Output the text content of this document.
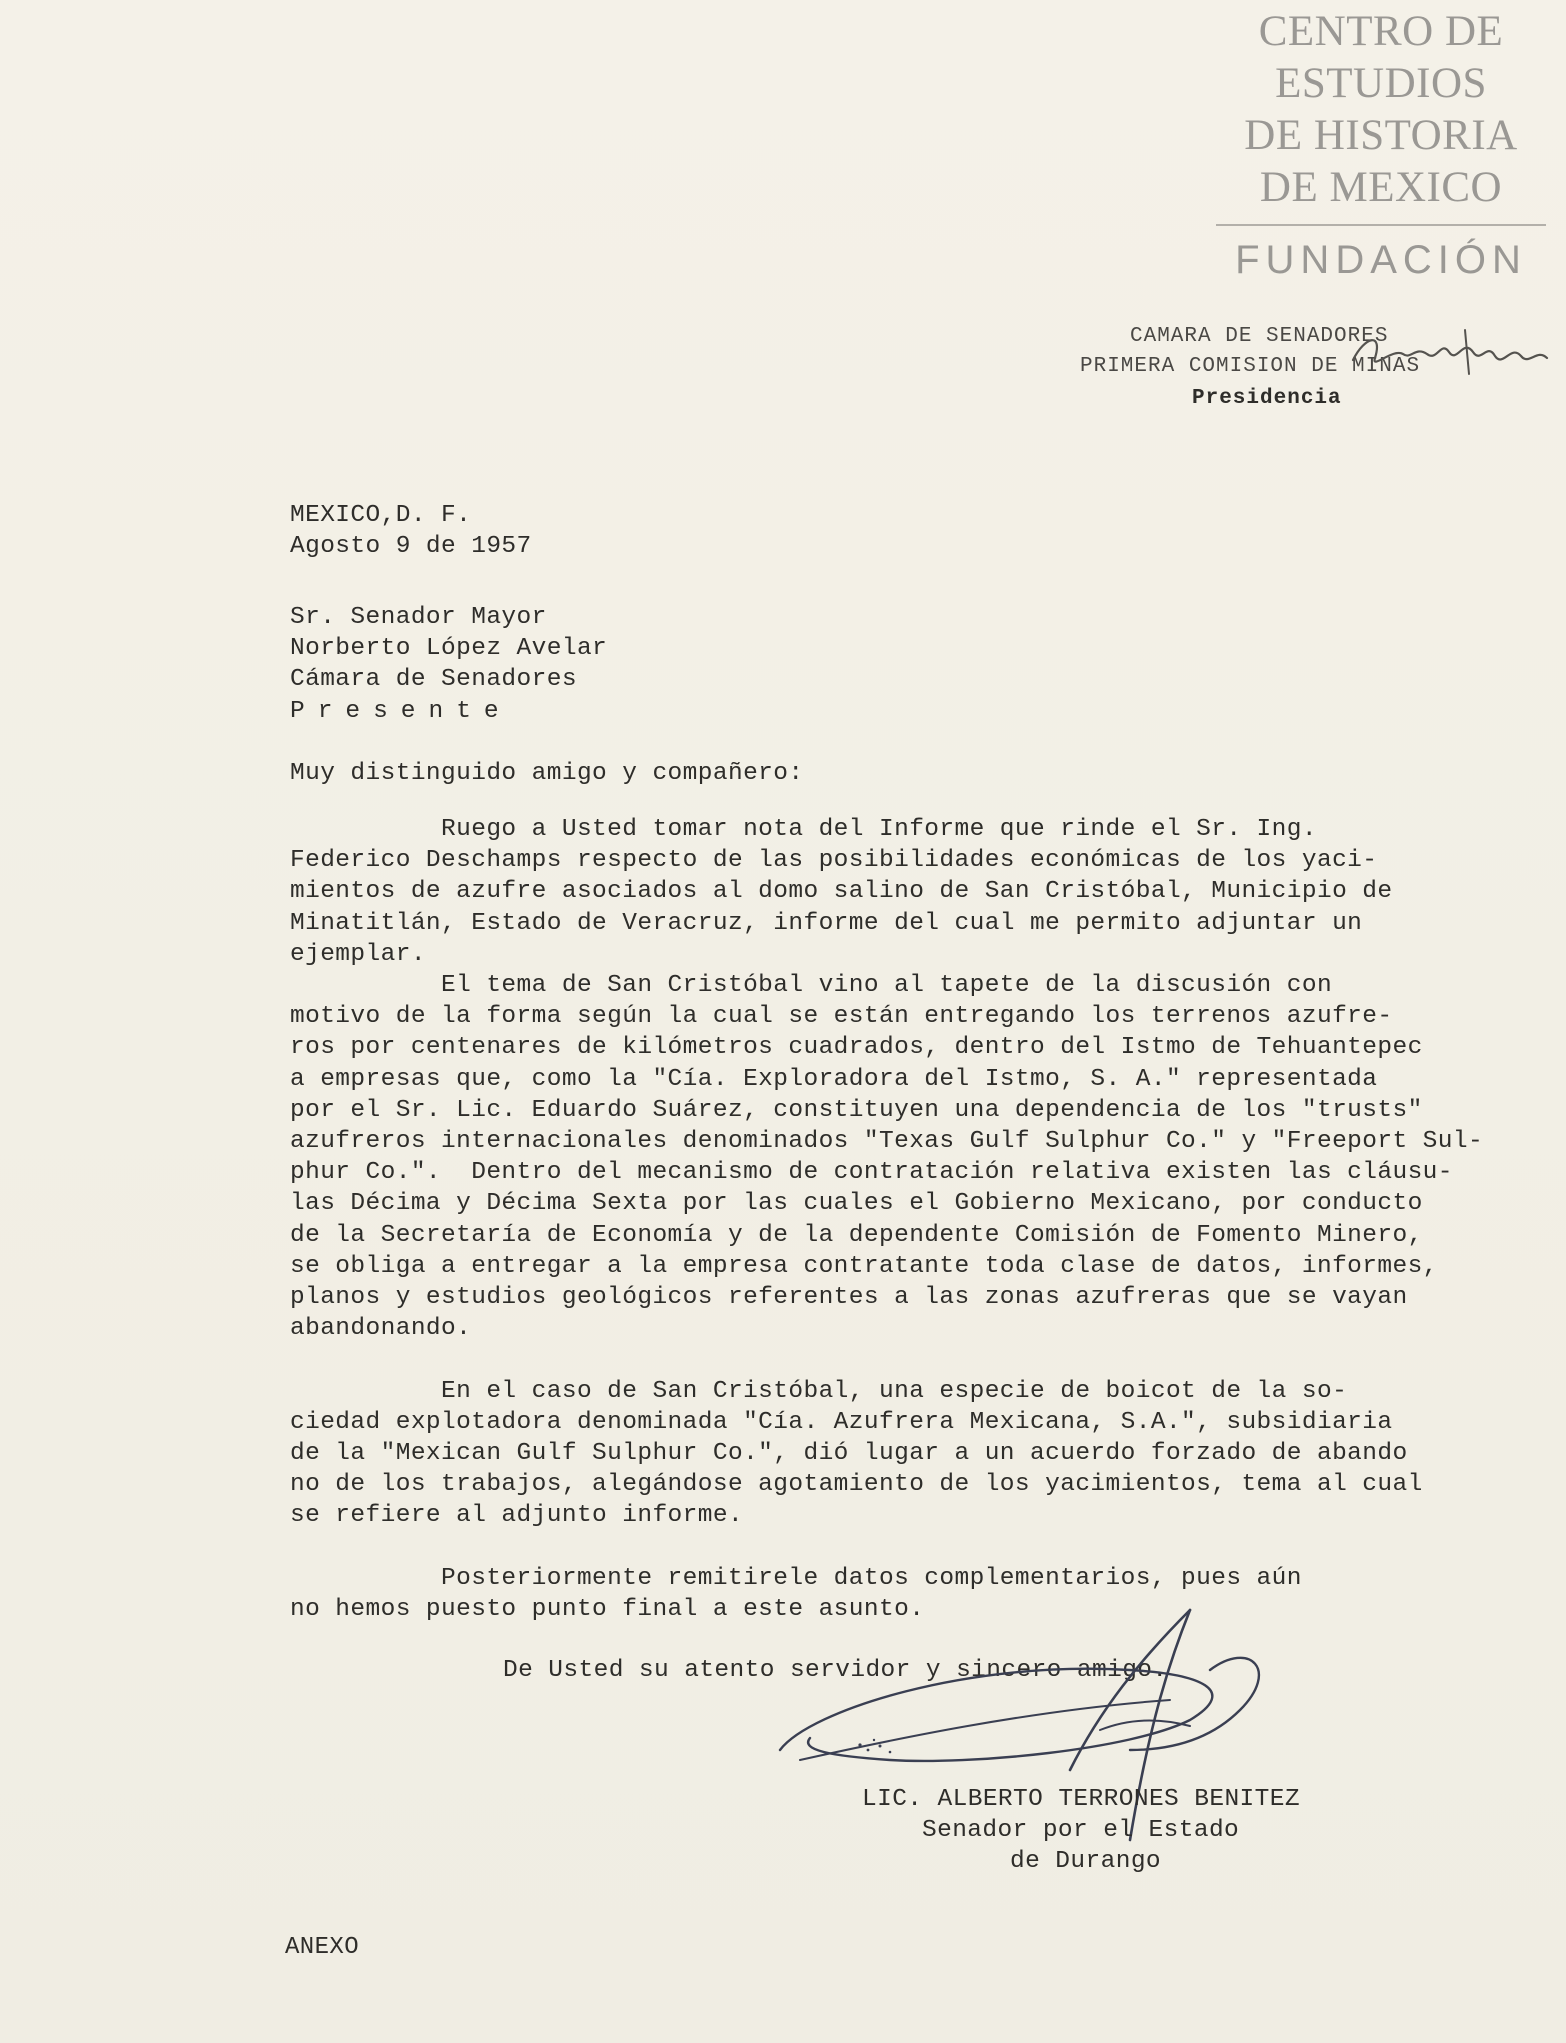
CENTRO DE
ESTUDIOS
DE HISTORIA
DE MEXICO
FUNDACIÓN
CAMARA DE SENADORES
PRIMERA COMISION DE MINAS
Presidencia
MEXICO,D. F.
Agosto 9 de 1957
Sr. Senador Mayor
Norberto López Avelar
Cámara de Senadores
Presente
Muy distinguido amigo y compañero:
Ruego a Usted tomar nota del Informe que rinde el Sr. Ing.
Federico Deschamps respecto de las posibilidades económicas de los yaci-
mientos de azufre asociados al domo salino de San Cristóbal, Municipio de
Minatitlán, Estado de Veracruz, informe del cual me permito adjuntar un
ejemplar.
El tema de San Cristóbal vino al tapete de la discusión con
motivo de la forma según la cual se están entregando los terrenos azufre-
ros por centenares de kilómetros cuadrados, dentro del Istmo de Tehuantepec
a empresas que, como la "Cía. Exploradora del Istmo, S. A." representada
por el Sr. Lic. Eduardo Suárez, constituyen una dependencia de los "trusts"
azufreros internacionales denominados "Texas Gulf Sulphur Co." y "Freeport Sul-
phur Co.".  Dentro del mecanismo de contratación relativa existen las cláusu-
las Décima y Décima Sexta por las cuales el Gobierno Mexicano, por conducto
de la Secretaría de Economía y de la dependente Comisión de Fomento Minero,
se obliga a entregar a la empresa contratante toda clase de datos, informes,
planos y estudios geológicos referentes a las zonas azufreras que se vayan
abandonando.

En el caso de San Cristóbal, una especie de boicot de la so-
ciedad explotadora denominada "Cía. Azufrera Mexicana, S.A.", subsidiaria
de la "Mexican Gulf Sulphur Co.", dió lugar a un acuerdo forzado de abando
no de los trabajos, alegándose agotamiento de los yacimientos, tema al cual
se refiere al adjunto informe.

Posteriormente remitirele datos complementarios, pues aún
no hemos puesto punto final a este asunto.
De Usted su atento servidor y sincero amigo.
LIC. ALBERTO TERRONES BENITEZ
Senador por el Estado
de Durango
ANEXO
